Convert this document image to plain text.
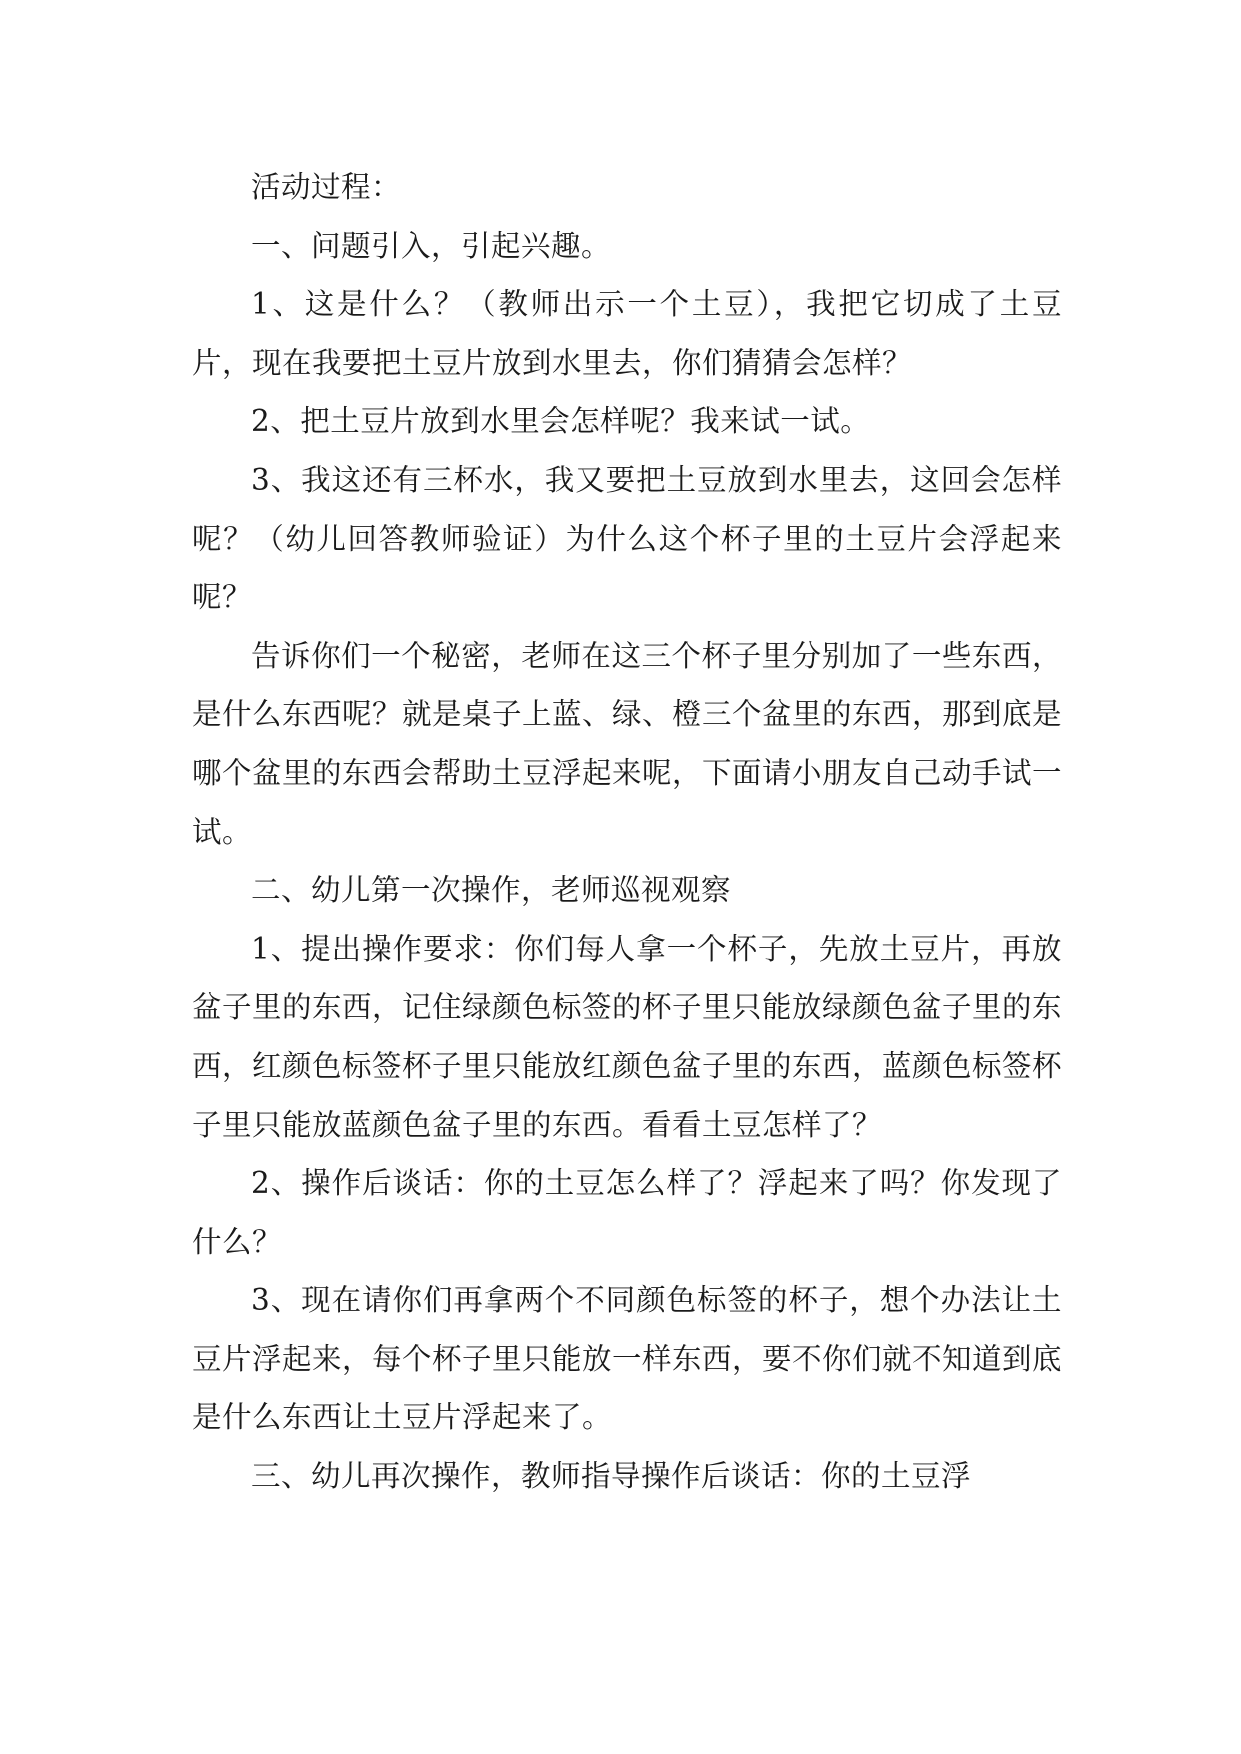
活动过程：

一、问题引入，引起兴趣。

1、这是什么？（教师出示一个土豆），我把它切成了土豆片，现在我要把土豆片放到水里去，你们猜猜会怎样？

2、把土豆片放到水里会怎样呢？我来试一试。

3、我这还有三杯水，我又要把土豆放到水里去，这回会怎样呢？（幼儿回答教师验证）为什么这个杯子里的土豆片会浮起来呢？

告诉你们一个秘密，老师在这三个杯子里分别加了一些东西，是什么东西呢？就是桌子上蓝、绿、橙三个盆里的东西，那到底是哪个盆里的东西会帮助土豆浮起来呢，下面请小朋友自己动手试一试。

二、幼儿第一次操作，老师巡视观察

1、提出操作要求：你们每人拿一个杯子，先放土豆片，再放盆子里的东西，记住绿颜色标签的杯子里只能放绿颜色盆子里的东西，红颜色标签杯子里只能放红颜色盆子里的东西，蓝颜色标签杯子里只能放蓝颜色盆子里的东西。看看土豆怎样了？

2、操作后谈话：你的土豆怎么样了？浮起来了吗？你发现了什么？

3、现在请你们再拿两个不同颜色标签的杯子，想个办法让土豆片浮起来，每个杯子里只能放一样东西，要不你们就不知道到底是什么东西让土豆片浮起来了。

三、幼儿再次操作，教师指导操作后谈话：你的土豆浮
